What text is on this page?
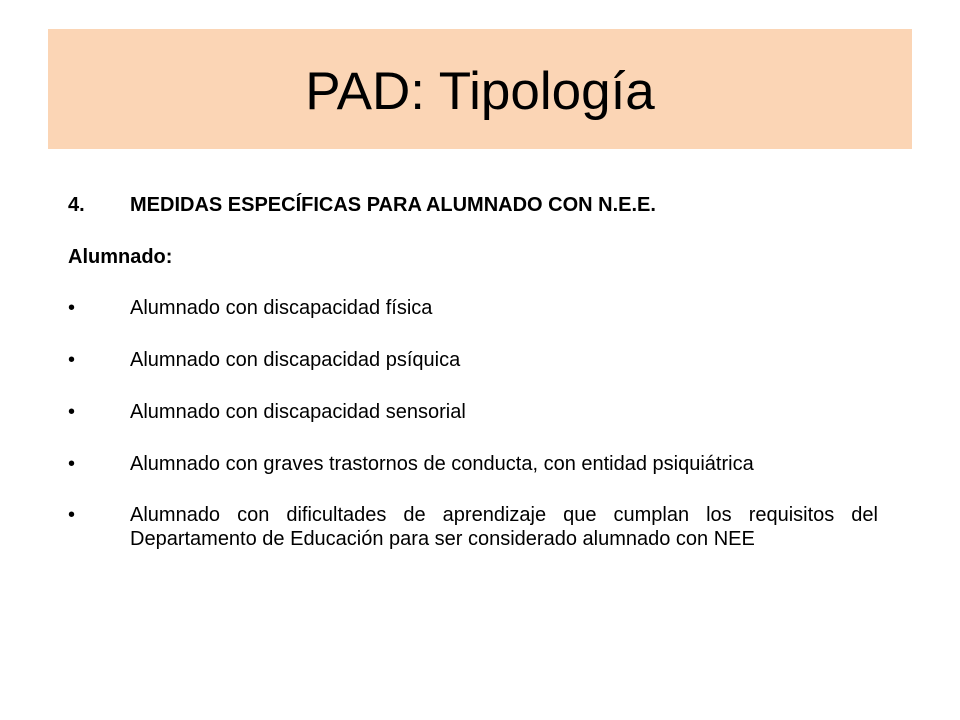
PAD: Tipología
4.	MEDIDAS ESPECÍFICAS PARA ALUMNADO CON N.E.E.
Alumnado:
•	Alumnado con discapacidad física
•	Alumnado con discapacidad psíquica
•	Alumnado con discapacidad sensorial
•	Alumnado con graves trastornos de conducta, con entidad psiquiátrica
•	Alumnado con dificultades de aprendizaje que cumplan los requisitos del Departamento de Educación para ser considerado alumnado con NEE
